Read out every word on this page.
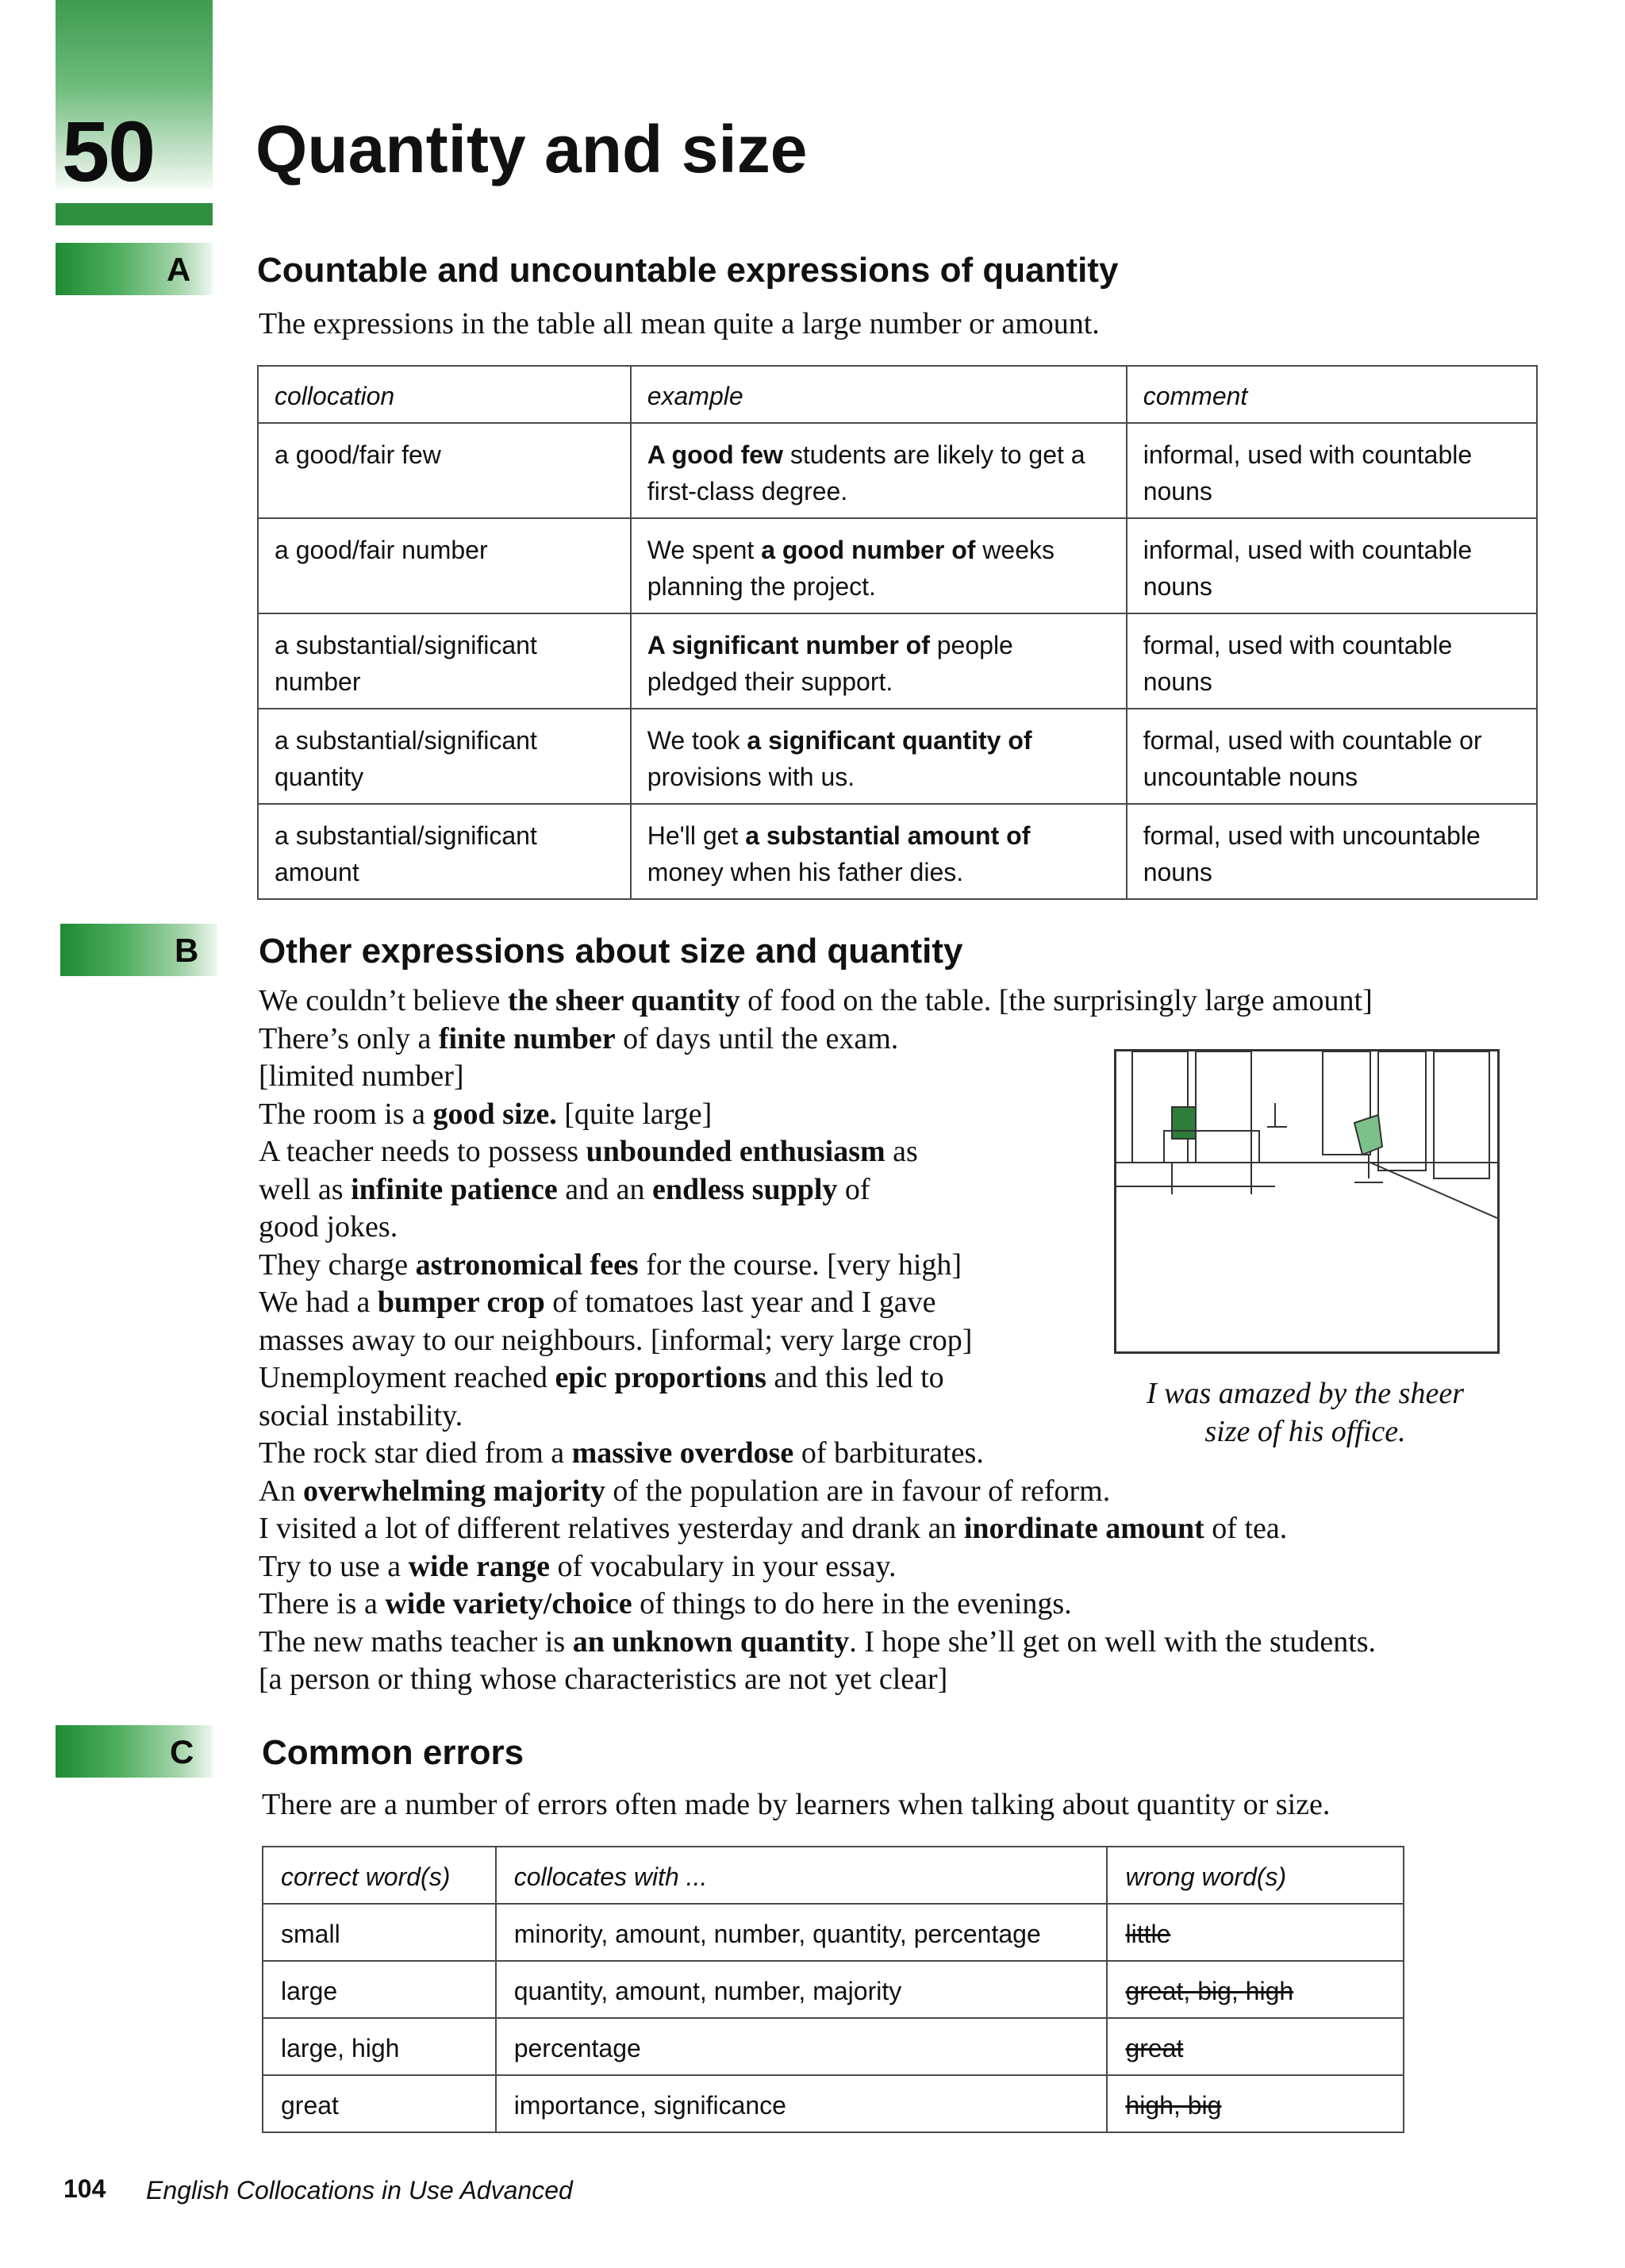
50	Quantity and size
A Countable and uncountable expressions of quantity
The expressions in the table all mean quite a large number or amount.
collocation	example	comment
a good/fair few	A good few students are likely to get a first-class degree.	informal, used with countable nouns
a good/fair number	We spent a good number of weeks planning the project.	informal, used with countable nouns
a substantial/significant number	A significant number of people pledged their support.	formal, used with countable nouns
a substantial/significant quantity	We took a significant quantity of provisions with us.	formal, used with countable or uncountable nouns
a substantial/significant amount	He'll get a substantial amount of money when his father dies.	formal, used with uncountable nouns
B Other expressions about size and quantity
We couldn’t believe the sheer quantity of food on the table. [the surprisingly large amount]
There’s only a finite number of days until the exam.
[limited number]
The room is a good size. [quite large]
A teacher needs to possess unbounded enthusiasm as
well as infinite patience and an endless supply of
good jokes.
They charge astronomical fees for the course. [very high]
We had a bumper crop of tomatoes last year and I gave
masses away to our neighbours. [informal; very large crop]
Unemployment reached epic proportions and this led to
social instability.
The rock star died from a massive overdose of barbiturates.
An overwhelming majority of the population are in favour of reform.
I visited a lot of different relatives yesterday and drank an inordinate amount of tea.
Try to use a wide range of vocabulary in your essay.
There is a wide variety/choice of things to do here in the evenings.
The new maths teacher is an unknown quantity. I hope she’ll get on well with the students.
[a person or thing whose characteristics are not yet clear]
I was amazed by the sheer
size of his office.
C Common errors
There are a number of errors often made by learners when talking about quantity or size.
correct word(s)	collocates with ...	wrong word(s)
small	minority, amount, number, quantity, percentage	little
large	quantity, amount, number, majority	great, big, high
large, high	percentage	great
great	importance, significance	high, big
104 English Collocations in Use Advanced
